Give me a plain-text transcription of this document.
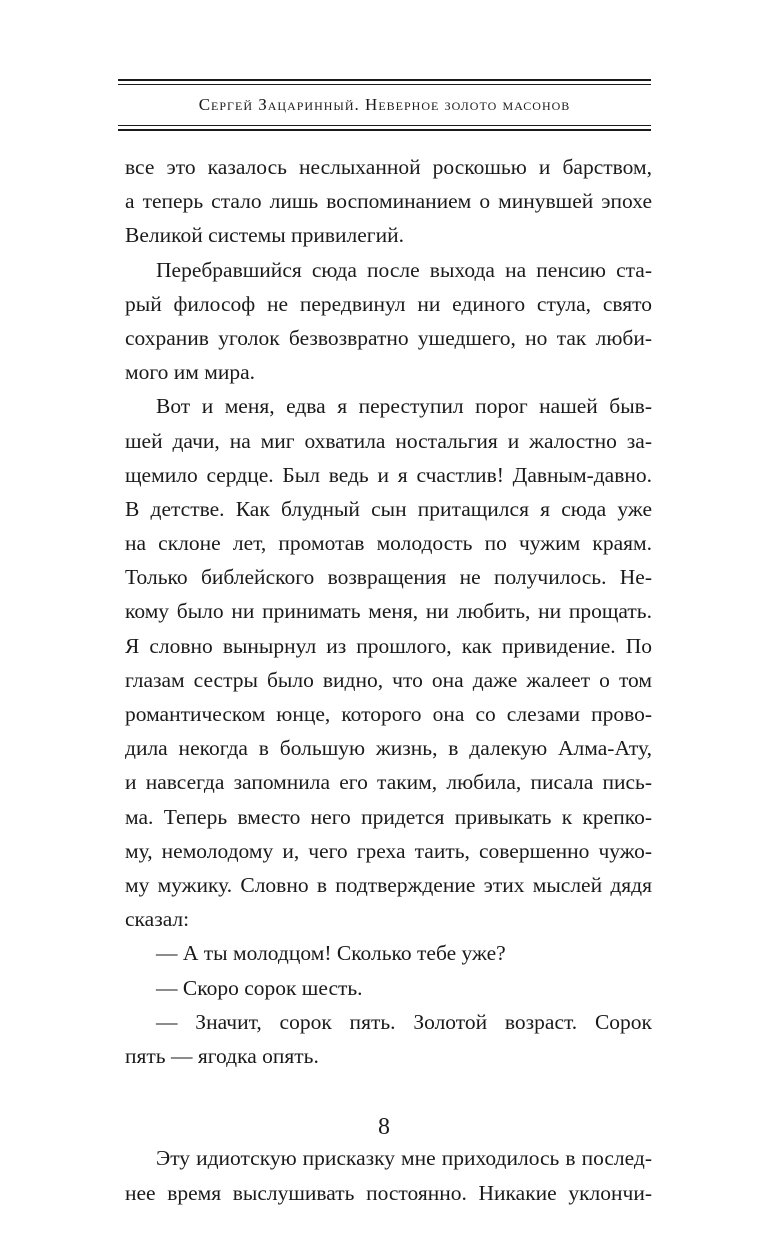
Сергей Зацаринный. Неверное золото масонов
все это казалось неслыханной роскошью и барством,
а теперь стало лишь воспоминанием о минувшей эпохе
Великой системы привилегий.
Перебравшийся сюда после выхода на пенсию ста-
рый философ не передвинул ни единого стула, свято
сохранив уголок безвозвратно ушедшего, но так люби-
мого им мира.
Вот и меня, едва я переступил порог нашей быв-
шей дачи, на миг охватила ностальгия и жалостно за-
щемило сердце. Был ведь и я счастлив! Давным-давно.
В детстве. Как блудный сын притащился я сюда уже
на склоне лет, промотав молодость по чужим краям.
Только библейского возвращения не получилось. Не-
кому было ни принимать меня, ни любить, ни прощать.
Я словно вынырнул из прошлого, как привидение. По
глазам сестры было видно, что она даже жалеет о том
романтическом юнце, которого она со слезами прово-
дила некогда в большую жизнь, в далекую Алма-Ату,
и навсегда запомнила его таким, любила, писала пись-
ма. Теперь вместо него придется привыкать к крепко-
му, немолодому и, чего греха таить, совершенно чужо-
му мужику. Словно в подтверждение этих мыслей дядя
сказал:
— А ты молодцом! Сколько тебе уже?
— Скоро сорок шесть.
— Значит, сорок пять. Золотой возраст. Сорок
пять — ягодка опять.
Эту идиотскую присказку мне приходилось в послед-
нее время выслушивать постоянно. Никакие уклончи-
8
